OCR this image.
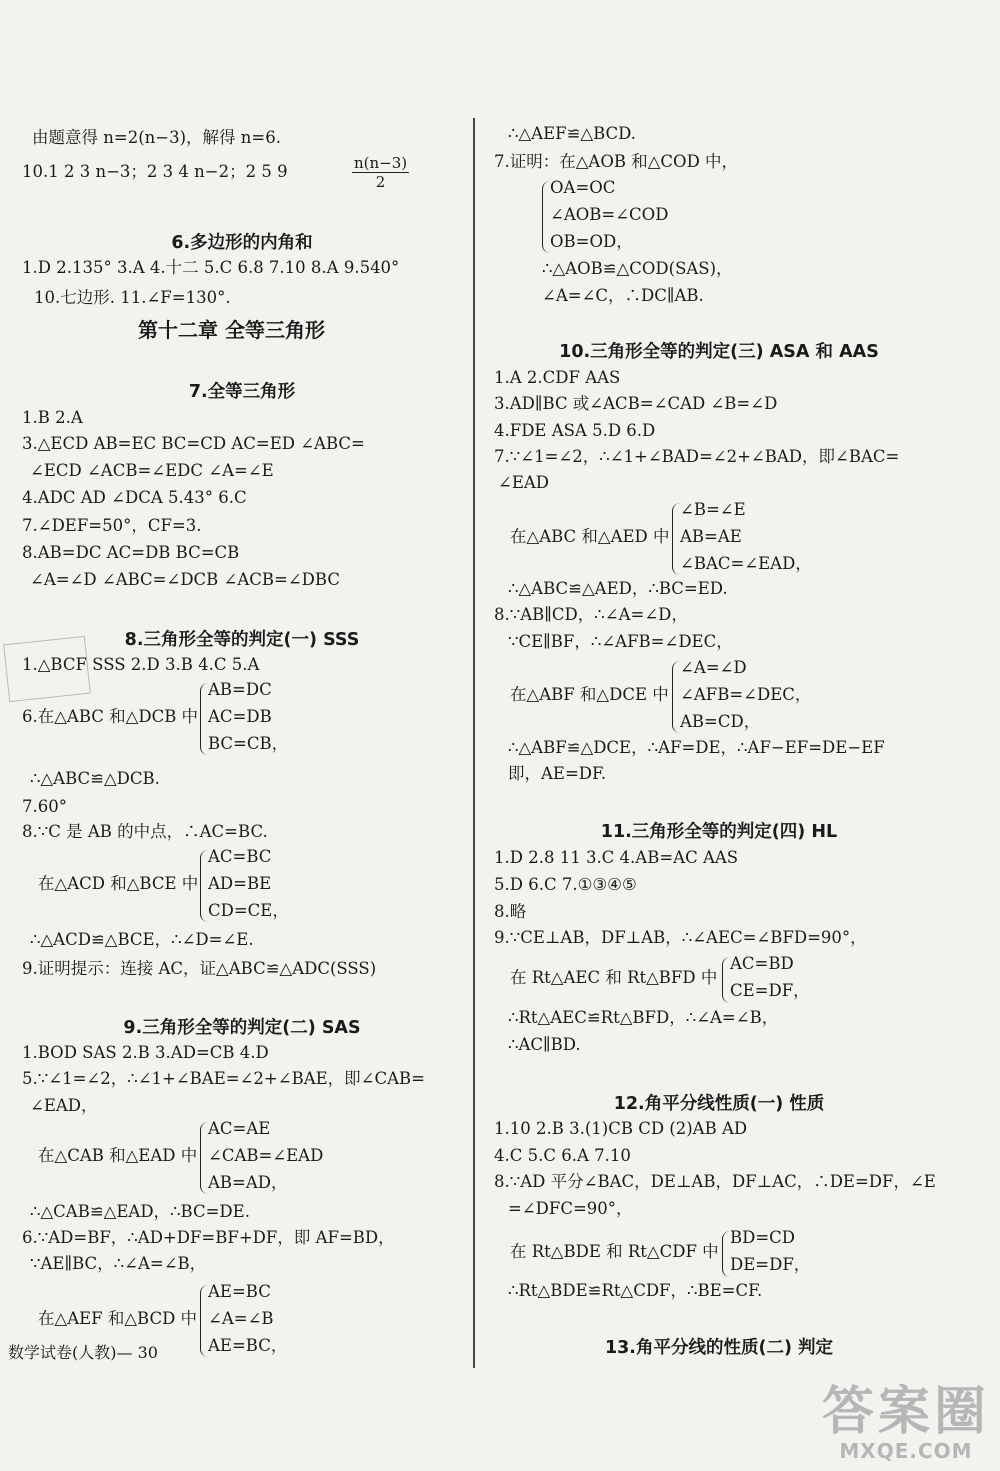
由题意得 n=2(n−3)，解得 n=6.
10.1 2 3 n−3；2 3 4 n−2；2 5 9	$\frac{n(n-3)}{2}$
6.多边形的内角和
1.D 2.135° 3.A 4.十二 5.C 6.8 7.10 8.A 9.540°
10.七边形. 11.∠F=130°.
第十二章 全等三角形
7.全等三角形
1.B 2.A
3.△ECD AB=EC BC=CD AC=ED ∠ABC=
∠ECD ∠ACB=∠EDC ∠A=∠E
4.ADC AD ∠DCA 5.43° 6.C
7.∠DEF=50°，CF=3.
8.AB=DC AC=DB BC=CB
∠A=∠D ∠ABC=∠DCB ∠ACB=∠DBC
8.三角形全等的判定(一) SSS
1.△BCF SSS 2.D 3.B 4.C 5.A
6.在△ABC 和△DCB 中
AB=DC
AC=DB
BC=CB，
∴△ABC≌△DCB.
7.60°
8.∵C 是 AB 的中点，∴AC=BC.
在△ACD 和△BCE 中
AC=BC
AD=BE
CD=CE，
∴△ACD≌△BCE，∴∠D=∠E.
9.证明提示：连接 AC，证△ABC≌△ADC(SSS)
9.三角形全等的判定(二) SAS
1.BOD SAS 2.B 3.AD=CB 4.D
5.∵∠1=∠2，∴∠1+∠BAE=∠2+∠BAE，即∠CAB=
∠EAD，
在△CAB 和△EAD 中
AC=AE
∠CAB=∠EAD
AB=AD，
∴△CAB≌△EAD，∴BC=DE.
6.∵AD=BF，∴AD+DF=BF+DF，即 AF=BD，
∵AE∥BC，∴∠A=∠B，
在△AEF 和△BCD 中
AE=BC
∠A=∠B
AE=BC，
数学试卷(人教)— 30
∴△AEF≌△BCD.
7.证明：在△AOB 和△COD 中，
OA=OC
∠AOB=∠COD
OB=OD，
∴△AOB≌△COD(SAS)，
∠A=∠C，∴DC∥AB.
10.三角形全等的判定(三) ASA 和 AAS
1.A 2.CDF AAS
3.AD∥BC 或∠ACB=∠CAD ∠B=∠D
4.FDE ASA 5.D 6.D
7.∵∠1=∠2，∴∠1+∠BAD=∠2+∠BAD，即∠BAC=
∠EAD
在△ABC 和△AED 中
∠B=∠E
AB=AE
∠BAC=∠EAD，
∴△ABC≌△AED，∴BC=ED.
8.∵AB∥CD，∴∠A=∠D，
∵CE∥BF，∴∠AFB=∠DEC，
在△ABF 和△DCE 中
∠A=∠D
∠AFB=∠DEC，
AB=CD，
∴△ABF≌△DCE，∴AF=DE，∴AF−EF=DE−EF
即，AE=DF.
11.三角形全等的判定(四) HL
1.D 2.8 11 3.C 4.AB=AC AAS
5.D 6.C 7.①③④⑤
8.略
9.∵CE⊥AB，DF⊥AB，∴∠AEC=∠BFD=90°，
在 Rt△AEC 和 Rt△BFD 中
AC=BD
CE=DF，
∴Rt△AEC≌Rt△BFD，∴∠A=∠B，
∴AC∥BD.
12.角平分线性质(一) 性质
1.10 2.B 3.(1)CB CD (2)AB AD
4.C 5.C 6.A 7.10
8.∵AD 平分∠BAC，DE⊥AB，DF⊥AC，∴DE=DF，∠E
=∠DFC=90°，
在 Rt△BDE 和 Rt△CDF 中
BD=CD
DE=DF，
∴Rt△BDE≌Rt△CDF，∴BE=CF.
13.角平分线的性质(二) 判定
答案圈
MXQE.COM
